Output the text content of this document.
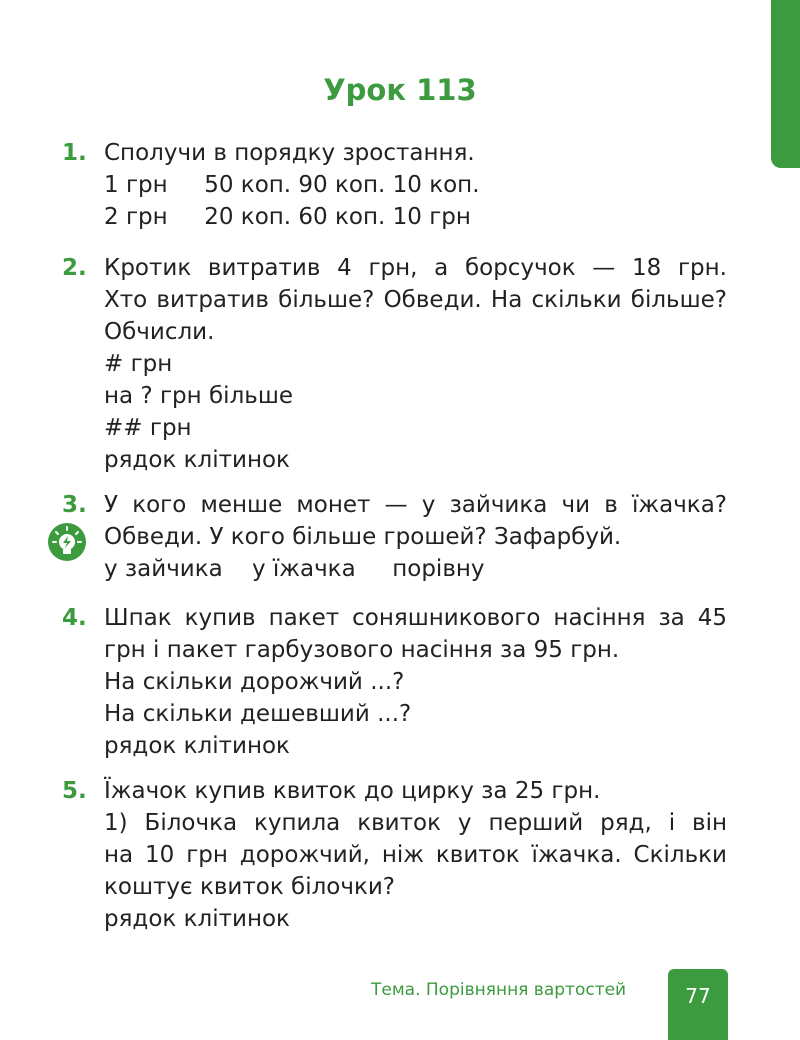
Урок 113
1. Сполучи в порядку зростання.
1 грн     50 коп. 90 коп. 10 коп.
2 грн     20 коп. 60 коп. 10 грн
2. Кротик витратив 4 грн, а борсучок — 18 грн.
Хто витратив більше? Обведи. На скільки більше?
Обчисли.
# грн
на ? грн більше
## грн
рядок клітинок
3. У кого менше монет — у зайчика чи в їжачка?
Обведи. У кого більше грошей? Зафарбуй.
у зайчика    у їжачка     порівну
4. Шпак купив пакет соняшникового насіння за 45
грн і пакет гарбузового насіння за 95 грн.
На скільки дорожчий ...?
На скільки дешевший ...?
рядок клітинок
5. Їжачок купив квиток до цирку за 25 грн.
1) Білочка купила квиток у перший ряд, і він
на 10 грн дорожчий, ніж квиток їжачка. Скільки
коштує квиток білочки?
рядок клітинок
Тема. Порівняння вартостей	77
